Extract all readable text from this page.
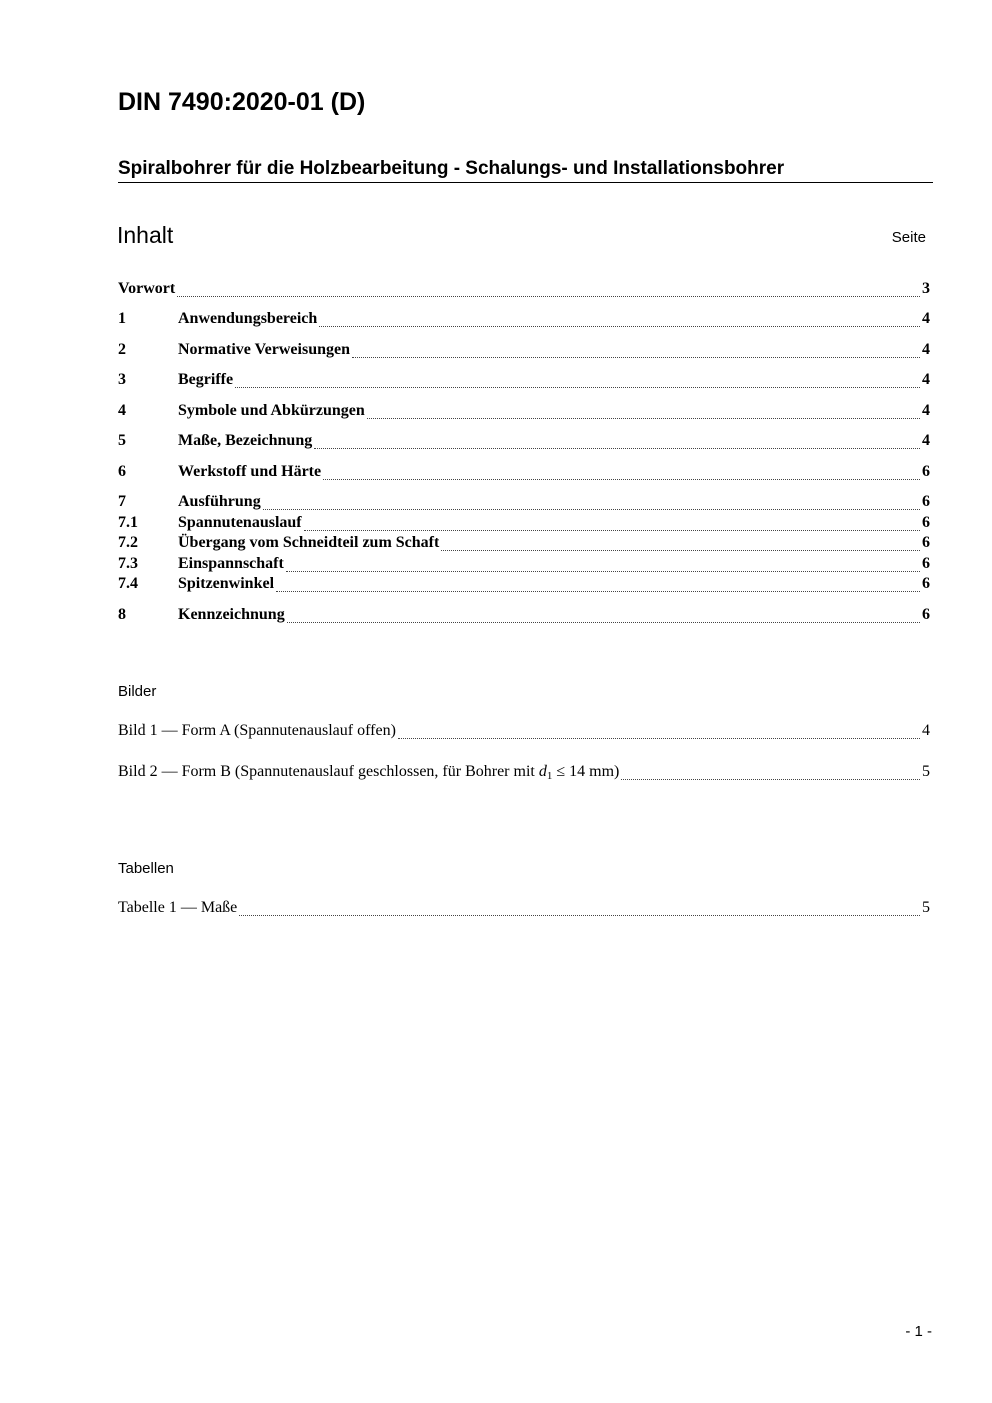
DIN 7490:2020-01 (D)
Spiralbohrer für die Holzbearbeitung - Schalungs- und Installationsbohrer
Inhalt	Seite
Vorwort	3
1	Anwendungsbereich	4
2	Normative Verweisungen	4
3	Begriffe	4
4	Symbole und Abkürzungen	4
5	Maße, Bezeichnung	4
6	Werkstoff und Härte	6
7	Ausführung	6
7.1	Spannutenauslauf	6
7.2	Übergang vom Schneidteil zum Schaft	6
7.3	Einspannschaft	6
7.4	Spitzenwinkel	6
8	Kennzeichnung	6
Bilder
Bild 1 — Form A (Spannutenauslauf offen)	4
Bild 2 — Form B (Spannutenauslauf geschlossen, für Bohrer mit $d_1 \le 14$ mm)	5
Tabellen
Tabelle 1 — Maße	5
- 1 -
